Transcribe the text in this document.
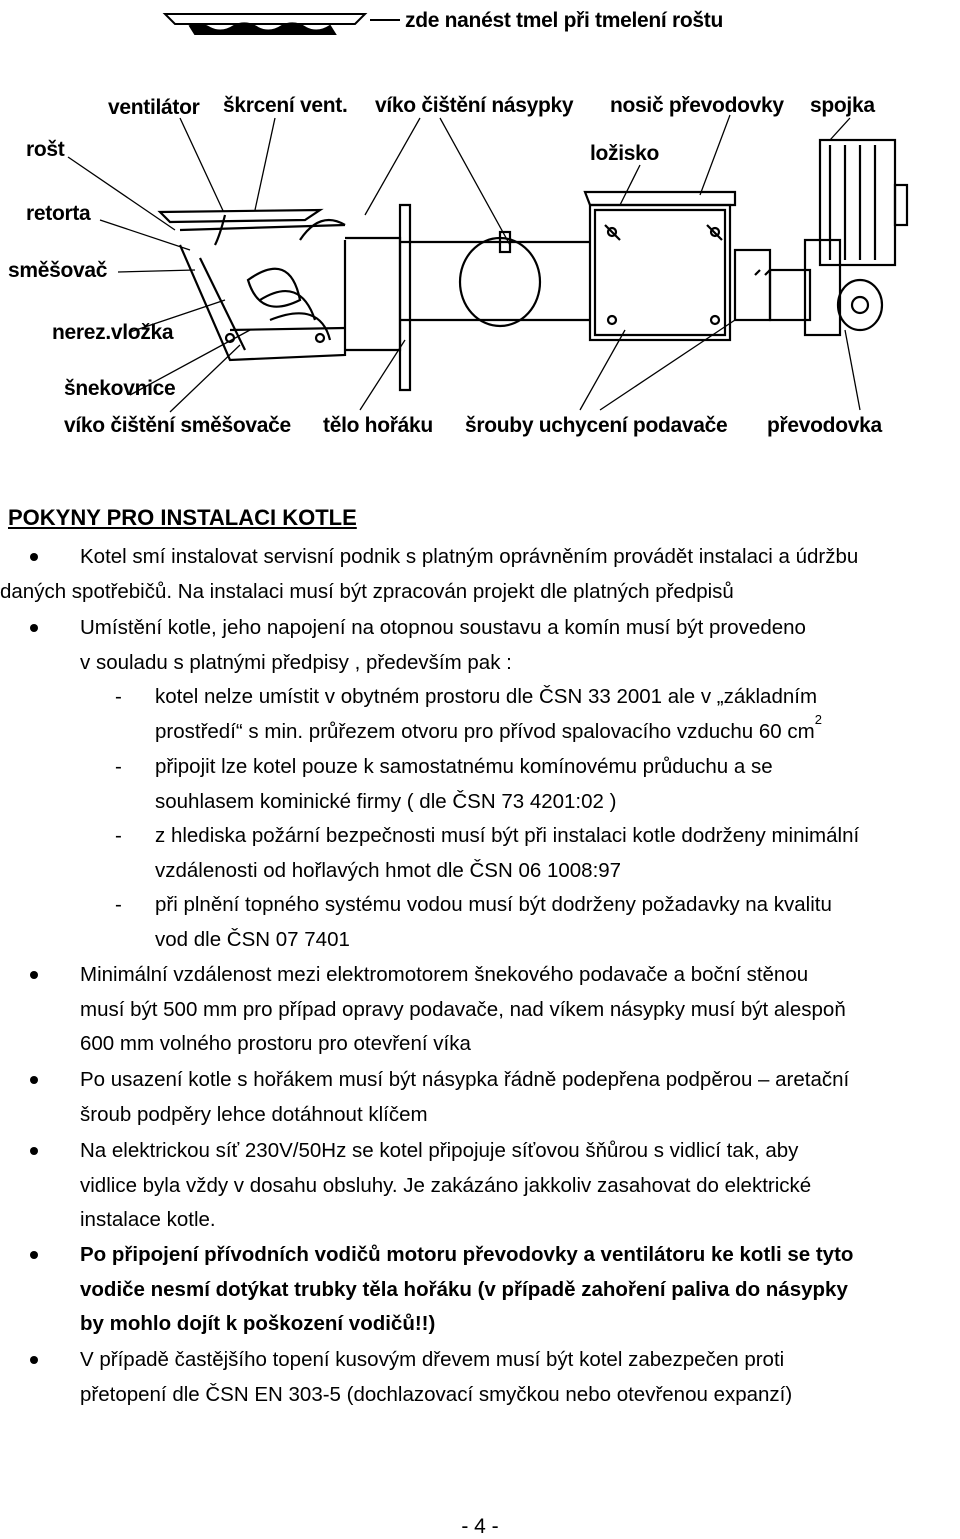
zde nanést tmel při tmelení roštu
ventilátor škrcení vent. víko čištění násypky nosič převodovky spojka
rošt	ložisko
retorta
směšovač
nerez.vložka
šnekovnice
víko čištění směšovače tělo hořáku šrouby uchycení podavače převodovka
POKYNY PRO INSTALACI KOTLE
Kotel smí instalovat servisní podnik s platným oprávněním provádět instalaci a údržbu
daných spotřebičů. Na instalaci musí být zpracován projekt dle platných předpisů
Umístění kotle, jeho napojení na otopnou soustavu a komín musí být provedeno
v souladu s platnými předpisy , především pak :
- kotel nelze umístit v obytném prostoru dle ČSN 33 2001 ale v „základním
prostředí“ s min. průřezem otvoru pro přívod spalovacího vzduchu 60 $cm^2$
- připojit lze kotel pouze k samostatnému komínovému průduchu a se
souhlasem kominické firmy ( dle ČSN 73 4201:02 )
- z hlediska požární bezpečnosti musí být při instalaci kotle dodrženy minimální
vzdálenosti od hořlavých hmot dle ČSN 06 1008:97
- při plnění topného systému vodou musí být dodrženy požadavky na kvalitu
vod dle ČSN 07 7401
Minimální vzdálenost mezi elektromotorem šnekového podavače a boční stěnou
musí být 500 mm pro případ opravy podavače, nad víkem násypky musí být alespoň
600 mm volného prostoru pro otevření víka
Po usazení kotle s hořákem musí být násypka řádně podepřena podpěrou – aretační
šroub podpěry lehce dotáhnout klíčem
Na elektrickou síť 230V/50Hz se kotel připojuje síťovou šňůrou s vidlicí tak, aby
vidlice byla vždy v dosahu obsluhy. Je zakázáno jakkoliv zasahovat do elektrické
instalace kotle.
Po připojení přívodních vodičů motoru převodovky a ventilátoru ke kotli se tyto
vodiče nesmí dotýkat trubky těla hořáku (v případě zahoření paliva do násypky
by mohlo dojít k poškození vodičů!!)
V případě častějšího topení kusovým dřevem musí být kotel zabezpečen proti
přetopení dle ČSN EN 303-5 (dochlazovací smyčkou nebo otevřenou expanzí)
- 4 -
